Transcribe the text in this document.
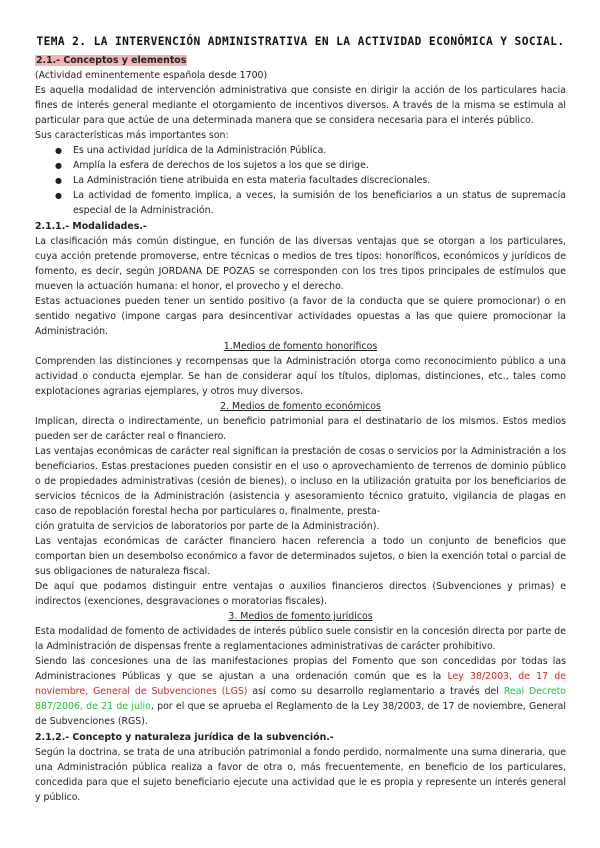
TEMA 2. LA INTERVENCIÓN ADMINISTRATIVA EN LA ACTIVIDAD ECONÓMICA Y SOCIAL.

2.1.- Conceptos y elementos

(Actividad eminentemente española desde 1700)

Es aquella modalidad de intervención administrativa que consiste en dirigir la acción de los particulares hacia fines de interés general mediante el otorgamiento de incentivos diversos. A través de la misma se estimula al particular para que actúe de una determinada manera que se considera necesaria para el interés público.

Sus características más importantes son:

● Es una actividad jurídica de la Administración Pública.
● Amplía la esfera de derechos de los sujetos a los que se dirige.
● La Administración tiene atribuida en esta materia facultades discrecionales.
● La actividad de fomento implica, a veces, la sumisión de los beneficiarios a un status de supremacía especial de la Administración.

2.1.1.- Modalidades.-

La clasificación más común distingue, en función de las diversas ventajas que se otorgan a los particulares, cuya acción pretende promoverse, entre técnicas o medios de tres tipos: honoríficos, económicos y jurídicos de fomento, es decir, según JORDANA DE POZAS se corresponden con los tres tipos principales de estímulos que mueven la actuación humana: el honor, el provecho y el derecho.

Estas actuaciones pueden tener un sentido positivo (a favor de la conducta que se quiere promocionar) o en sentido negativo (impone cargas para desincentivar actividades opuestas a las que quiere promocionar la Administración.

1.Medios de fomento honoríficos

Comprenden las distinciones y recompensas que la Administración otorga como reconocimiento público a una actividad o conducta ejemplar. Se han de considerar aquí los títulos, diplomas, distinciones, etc., tales como explotaciones agrarias ejemplares, y otros muy diversos.

2. Medios de fomento económicos

Implican, directa o indirectamente, un beneficio patrimonial para el destinatario de los mismos. Estos medios pueden ser de carácter real o financiero.

Las ventajas económicas de carácter real significan la prestación de cosas o servicios por la Administración a los beneficiarios. Estas prestaciones pueden consistir en el uso o aprovechamiento de terrenos de dominio público o de propiedades administrativas (cesión de bienes), o incluso en la utilización gratuita por los beneficiarios de servicios técnicos de la Administración (asistencia y asesoramiento técnico gratuito, vigilancia de plagas en caso de repoblación forestal hecha por particulares o, finalmente, presta-

ción gratuita de servicios de laboratorios por parte de la Administración).

Las ventajas económicas de carácter financiero hacen referencia a todo un conjunto de beneficios que comportan bien un desembolso económico a favor de determinados sujetos, o bien la exención total o parcial de sus obligaciones de naturaleza fiscal.

De aquí que podamos distinguir entre ventajas o auxilios financieros directos (Subvenciones y primas) e indirectos (exenciones, desgravaciones o moratorias fiscales).

3. Medios de fomento jurídicos

Esta modalidad de fomento de actividades de interés público suele consistir en la concesión directa por parte de la Administración de dispensas frente a reglamentaciones administrativas de carácter prohibitivo.

Siendo las concesiones una de las manifestaciones propias del Fomento que son concedidas por todas las Administraciones Públicas y que se ajustan a una ordenación común que es la Ley 38/2003, de 17 de noviembre, General de Subvenciones (LGS) así como su desarrollo reglamentario a través del Real Decreto 887/2006, de 21 de julio, por el que se aprueba el Reglamento de la Ley 38/2003, de 17 de noviembre, General de Subvenciones (RGS).

2.1.2.- Concepto y naturaleza jurídica de la subvención.-

Según la doctrina, se trata de una atribución patrimonial a fondo perdido, normalmente una suma dineraria, que una Administración pública realiza a favor de otra o, más frecuentemente, en beneficio de los particulares, concedida para que el sujeto beneficiario ejecute una actividad que le es propia y represente un interés general y público.
